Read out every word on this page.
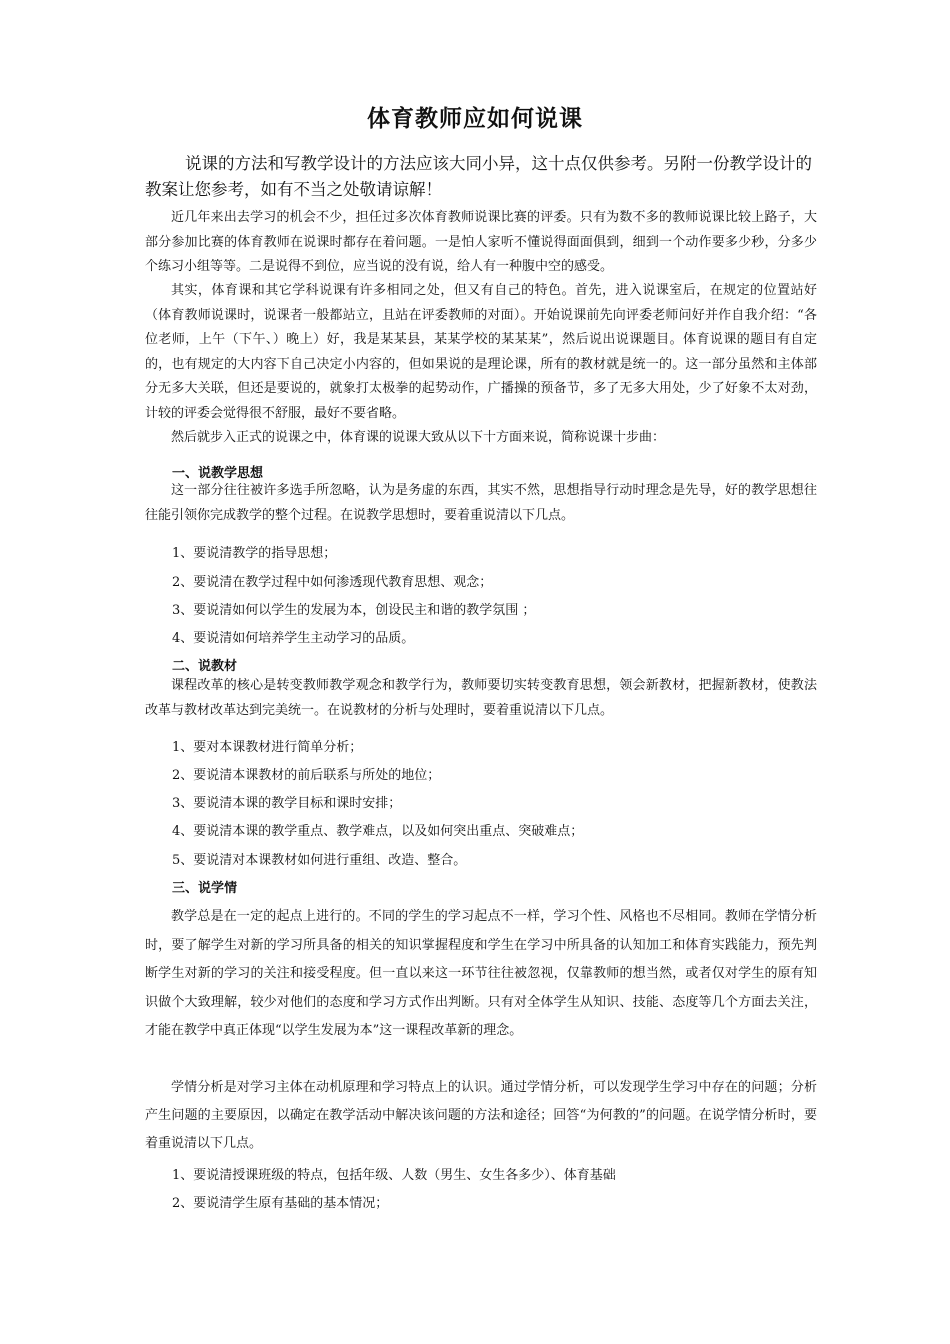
体育教师应如何说课
说课的方法和写教学设计的方法应该大同小异，这十点仅供参考。另附一份教学设计的教案让您参考，如有不当之处敬请谅解！
近几年来出去学习的机会不少，担任过多次体育教师说课比赛的评委。只有为数不多的教师说课比较上路子，大部分参加比赛的体育教师在说课时都存在着问题。一是怕人家听不懂说得面面俱到，细到一个动作要多少秒，分多少个练习小组等等。二是说得不到位，应当说的没有说，给人有一种腹中空的感受。
其实，体育课和其它学科说课有许多相同之处，但又有自己的特色。首先，进入说课室后，在规定的位置站好（体育教师说课时，说课者一般都站立，且站在评委教师的对面）。开始说课前先向评委老师问好并作自我介绍：“各位老师，上午（下午、）晚上）好，我是某某县，某某学校的某某某”，然后说出说课题目。体育说课的题目有自定的，也有规定的大内容下自己决定小内容的，但如果说的是理论课，所有的教材就是统一的。这一部分虽然和主体部分无多大关联，但还是要说的，就象打太极拳的起势动作，广播操的预备节，多了无多大用处，少了好象不太对劲，计较的评委会觉得很不舒服，最好不要省略。
然后就步入正式的说课之中，体育课的说课大致从以下十方面来说，简称说课十步曲：
一、说教学思想
这一部分往往被许多选手所忽略，认为是务虚的东西，其实不然，思想指导行动时理念是先导，好的教学思想往往能引领你完成教学的整个过程。在说教学思想时，要着重说清以下几点。
1、要说清教学的指导思想；
2、要说清在教学过程中如何渗透现代教育思想、观念；
3、要说清如何以学生的发展为本，创设民主和谐的教学氛围 ；
4、要说清如何培养学生主动学习的品质。
二、说教材
课程改革的核心是转变教师教学观念和教学行为，教师要切实转变教育思想，领会新教材，把握新教材，使教法改革与教材改革达到完美统一。在说教材的分析与处理时，要着重说清以下几点。
1、要对本课教材进行简单分析；
2、要说清本课教材的前后联系与所处的地位；
3、要说清本课的教学目标和课时安排；
4、要说清本课的教学重点、教学难点，以及如何突出重点、突破难点；
5、要说清对本课教材如何进行重组、改造、整合。
三、说学情
教学总是在一定的起点上进行的。不同的学生的学习起点不一样，学习个性、风格也不尽相同。教师在学情分析时，要了解学生对新的学习所具备的相关的知识掌握程度和学生在学习中所具备的认知加工和体育实践能力，预先判断学生对新的学习的关注和接受程度。但一直以来这一环节往往被忽视，仅靠教师的想当然，或者仅对学生的原有知识做个大致理解，较少对他们的态度和学习方式作出判断。只有对全体学生从知识、技能、态度等几个方面去关注，才能在教学中真正体现“以学生发展为本”这一课程改革新的理念。
学情分析是对学习主体在动机原理和学习特点上的认识。通过学情分析，可以发现学生学习中存在的问题；分析产生问题的主要原因，以确定在教学活动中解决该问题的方法和途径；回答“为何教的”的问题。在说学情分析时，要着重说清以下几点。
1、要说清授课班级的特点，包括年级、人数（男生、女生各多少）、体育基础
2、要说清学生原有基础的基本情况；
